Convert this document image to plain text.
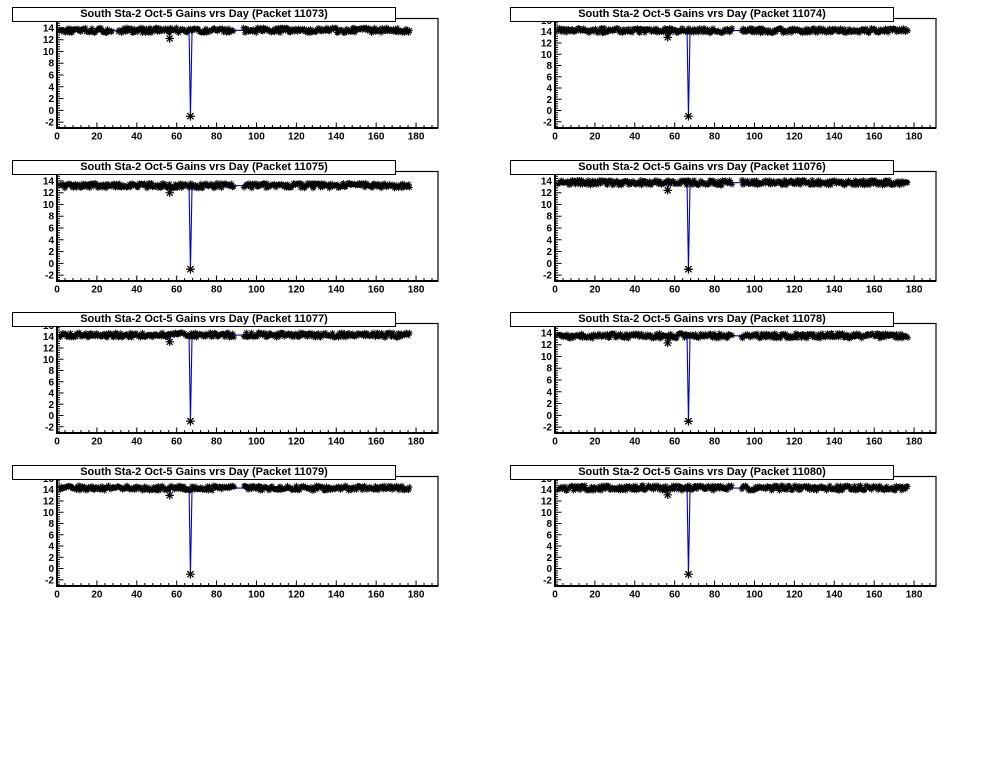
-2
0
2
4
6
8
10
12
14
0	20	40	60	80	100 120 140 160 180
South Sta-2 Oct-5 Gains vrs Day (Packet 11073)
-2
0
2
4
6
8
10
12
14
0	20	40	60	80	100 120 140 160 180
South Sta-2 Oct-5 Gains vrs Day (Packet 11074)
-2
0
2
4
6
8
10
12
14
0	20	40	60	80	100 120 140 160 180
South Sta-2 Oct-5 Gains vrs Day (Packet 11075)
-2
0
2
4
6
8
10
12
14
0	20	40	60	80	100 120 140 160 180
South Sta-2 Oct-5 Gains vrs Day (Packet 11076)
-2
0
2
4
6
8
10
12
14
0	20	40	60	80	100 120 140 160 180
South Sta-2 Oct-5 Gains vrs Day (Packet 11077)
-2
0
2
4
6
8
10
12
14
0	20	40	60	80	100 120 140 160 180
South Sta-2 Oct-5 Gains vrs Day (Packet 11078)
-2
0
2
4
6
8
10
12
14
0	20	40	60	80	100 120 140 160 180
South Sta-2 Oct-5 Gains vrs Day (Packet 11079)
-2
0
2
4
6
8
10
12
14
0	20	40	60	80	100 120 140 160 180
South Sta-2 Oct-5 Gains vrs Day (Packet 11080)
